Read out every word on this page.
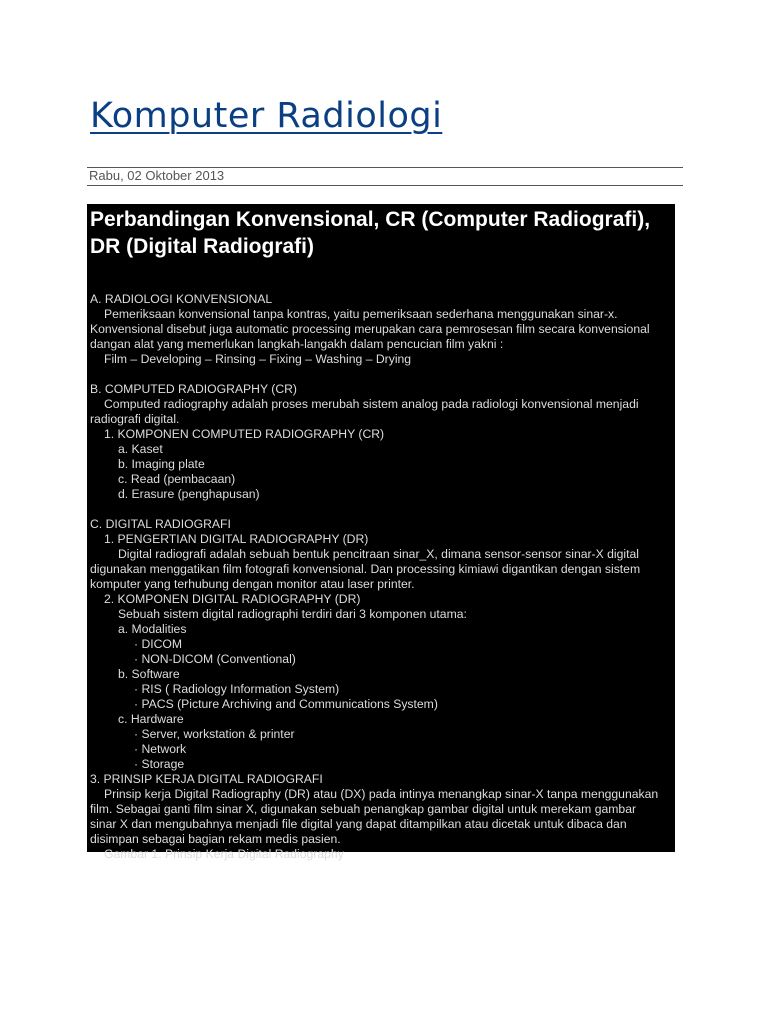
Komputer Radiologi
Rabu, 02 Oktober 2013
Perbandingan Konvensional, CR (Computer Radiografi), DR (Digital Radiografi)

A. RADIOLOGI KONVENSIONAL

Pemeriksaan konvensional tanpa kontras, yaitu pemeriksaan sederhana menggunakan sinar-x.

Konvensional disebut juga automatic processing merupakan cara pemrosesan film secara konvensional

dangan alat yang memerlukan langkah-langakh dalam pencucian film yakni :

Film – Developing – Rinsing – Fixing – Washing – Drying

B. COMPUTED RADIOGRAPHY (CR)

Computed radiography adalah proses merubah sistem analog pada radiologi konvensional menjadi

radiografi digital.

1. KOMPONEN COMPUTED RADIOGRAPHY (CR)

a. Kaset

b. Imaging plate

c. Read (pembacaan)

d. Erasure (penghapusan)

C. DIGITAL RADIOGRAFI

1. PENGERTIAN DIGITAL RADIOGRAPHY (DR)

Digital radiografi adalah sebuah bentuk pencitraan sinar_X, dimana sensor-sensor sinar-X digital

digunakan menggatikan film fotografi konvensional. Dan processing kimiawi digantikan dengan sistem

komputer yang terhubung dengan monitor atau laser printer.

2. KOMPONEN DIGITAL RADIOGRAPHY (DR)

Sebuah sistem digital radiographi terdiri dari 3 komponen utama:

a. Modalities

· DICOM

· NON-DICOM (Conventional)

b. Software

· RIS ( Radiology Information System)

· PACS (Picture Archiving and Communications System)

c. Hardware

· Server, workstation & printer

· Network

· Storage

3. PRINSIP KERJA DIGITAL RADIOGRAFI

Prinsip kerja Digital Radiography (DR) atau (DX) pada intinya menangkap sinar-X tanpa menggunakan

film. Sebagai ganti film sinar X, digunakan sebuah penangkap gambar digital untuk merekam gambar

sinar X dan mengubahnya menjadi file digital yang dapat ditampilkan atau dicetak untuk dibaca dan

disimpan sebagai bagian rekam medis pasien.

Gambar 1. Prinsip Kerja Digital Radiography
